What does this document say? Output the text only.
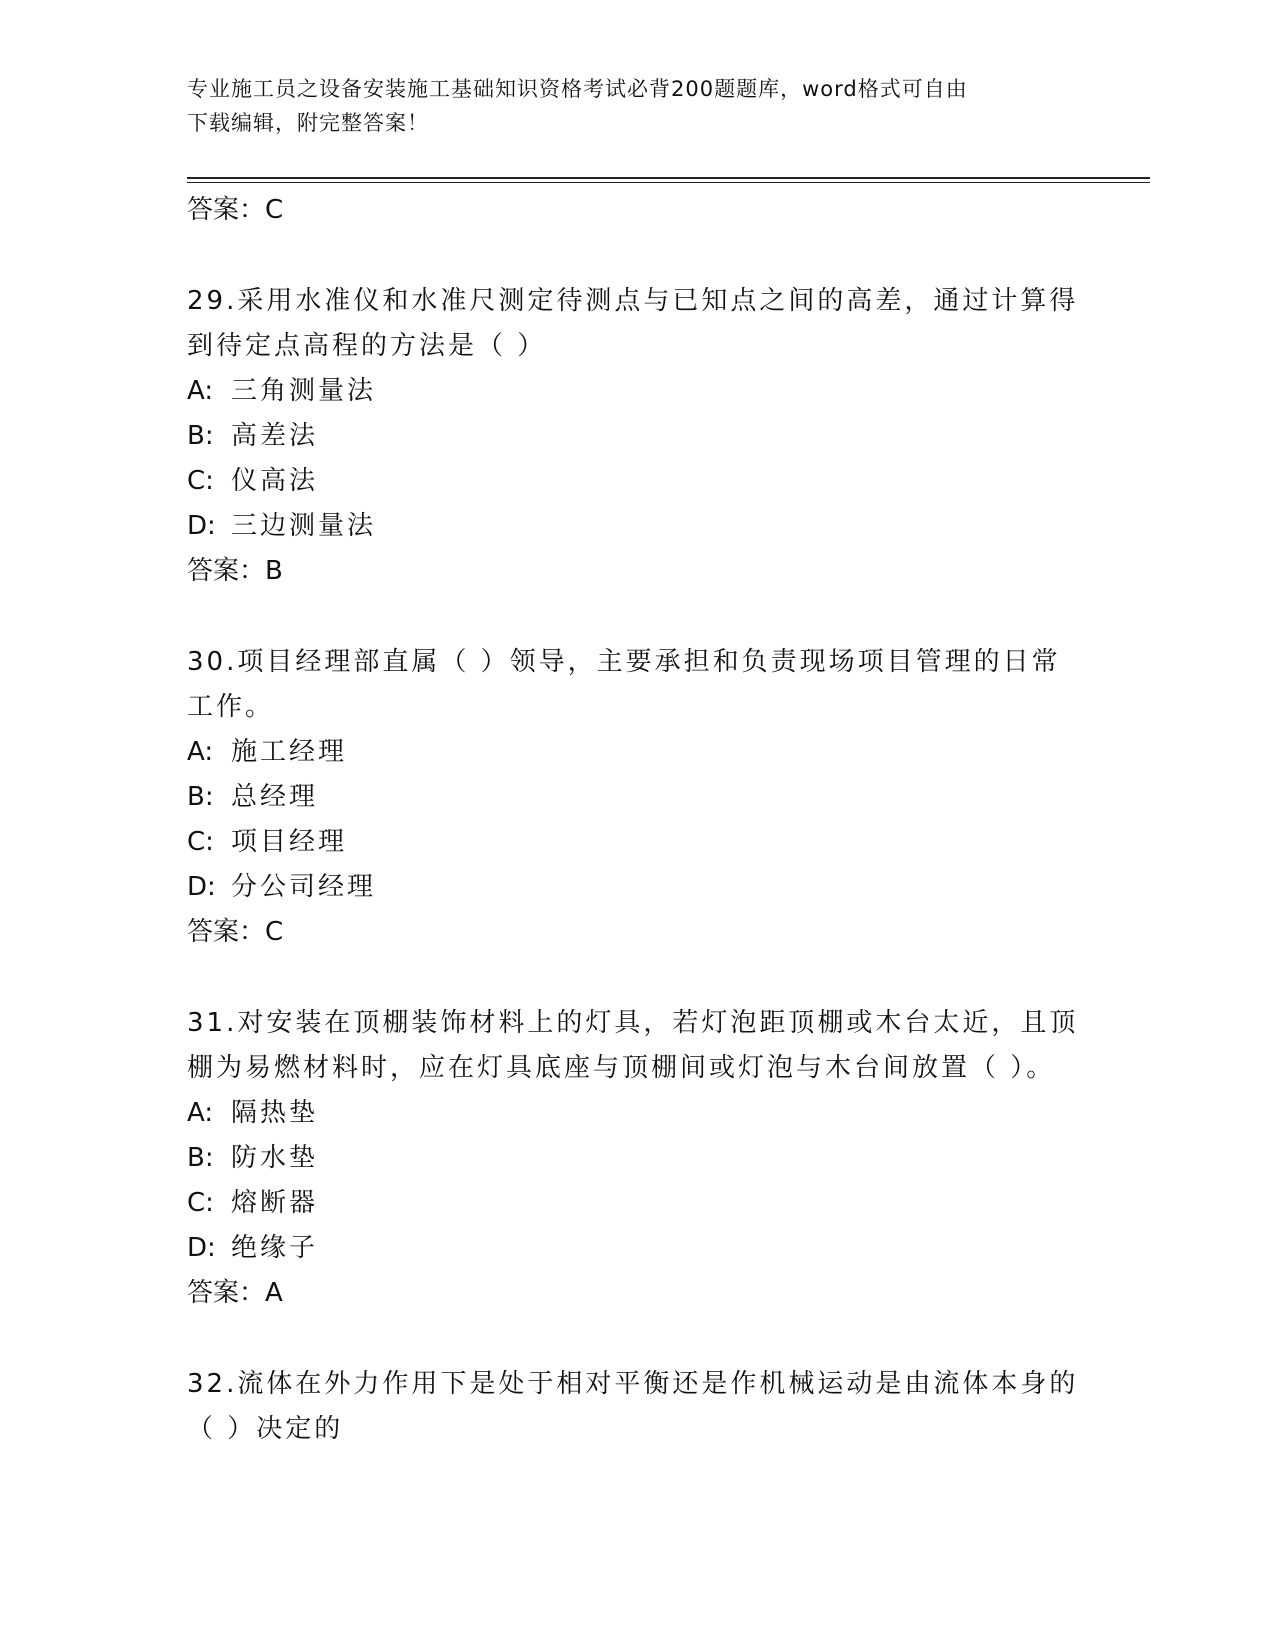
专业施工员之设备安装施工基础知识资格考试必背200题题库，word格式可自由
下载编辑，附完整答案！
答案：C
29.采用水准仪和水准尺测定待测点与已知点之间的高差，通过计算得
到待定点高程的方法是（ ）
A: 三角测量法
B: 高差法
C: 仪高法
D: 三边测量法
答案：B
30.项目经理部直属（ ）领导，主要承担和负责现场项目管理的日常
工作。
A: 施工经理
B: 总经理
C: 项目经理
D: 分公司经理
答案：C
31.对安装在顶棚装饰材料上的灯具，若灯泡距顶棚或木台太近，且顶
棚为易燃材料时，应在灯具底座与顶棚间或灯泡与木台间放置（ ）。
A: 隔热垫
B: 防水垫
C: 熔断器
D: 绝缘子
答案：A
32.流体在外力作用下是处于相对平衡还是作机械运动是由流体本身的
（ ）决定的
